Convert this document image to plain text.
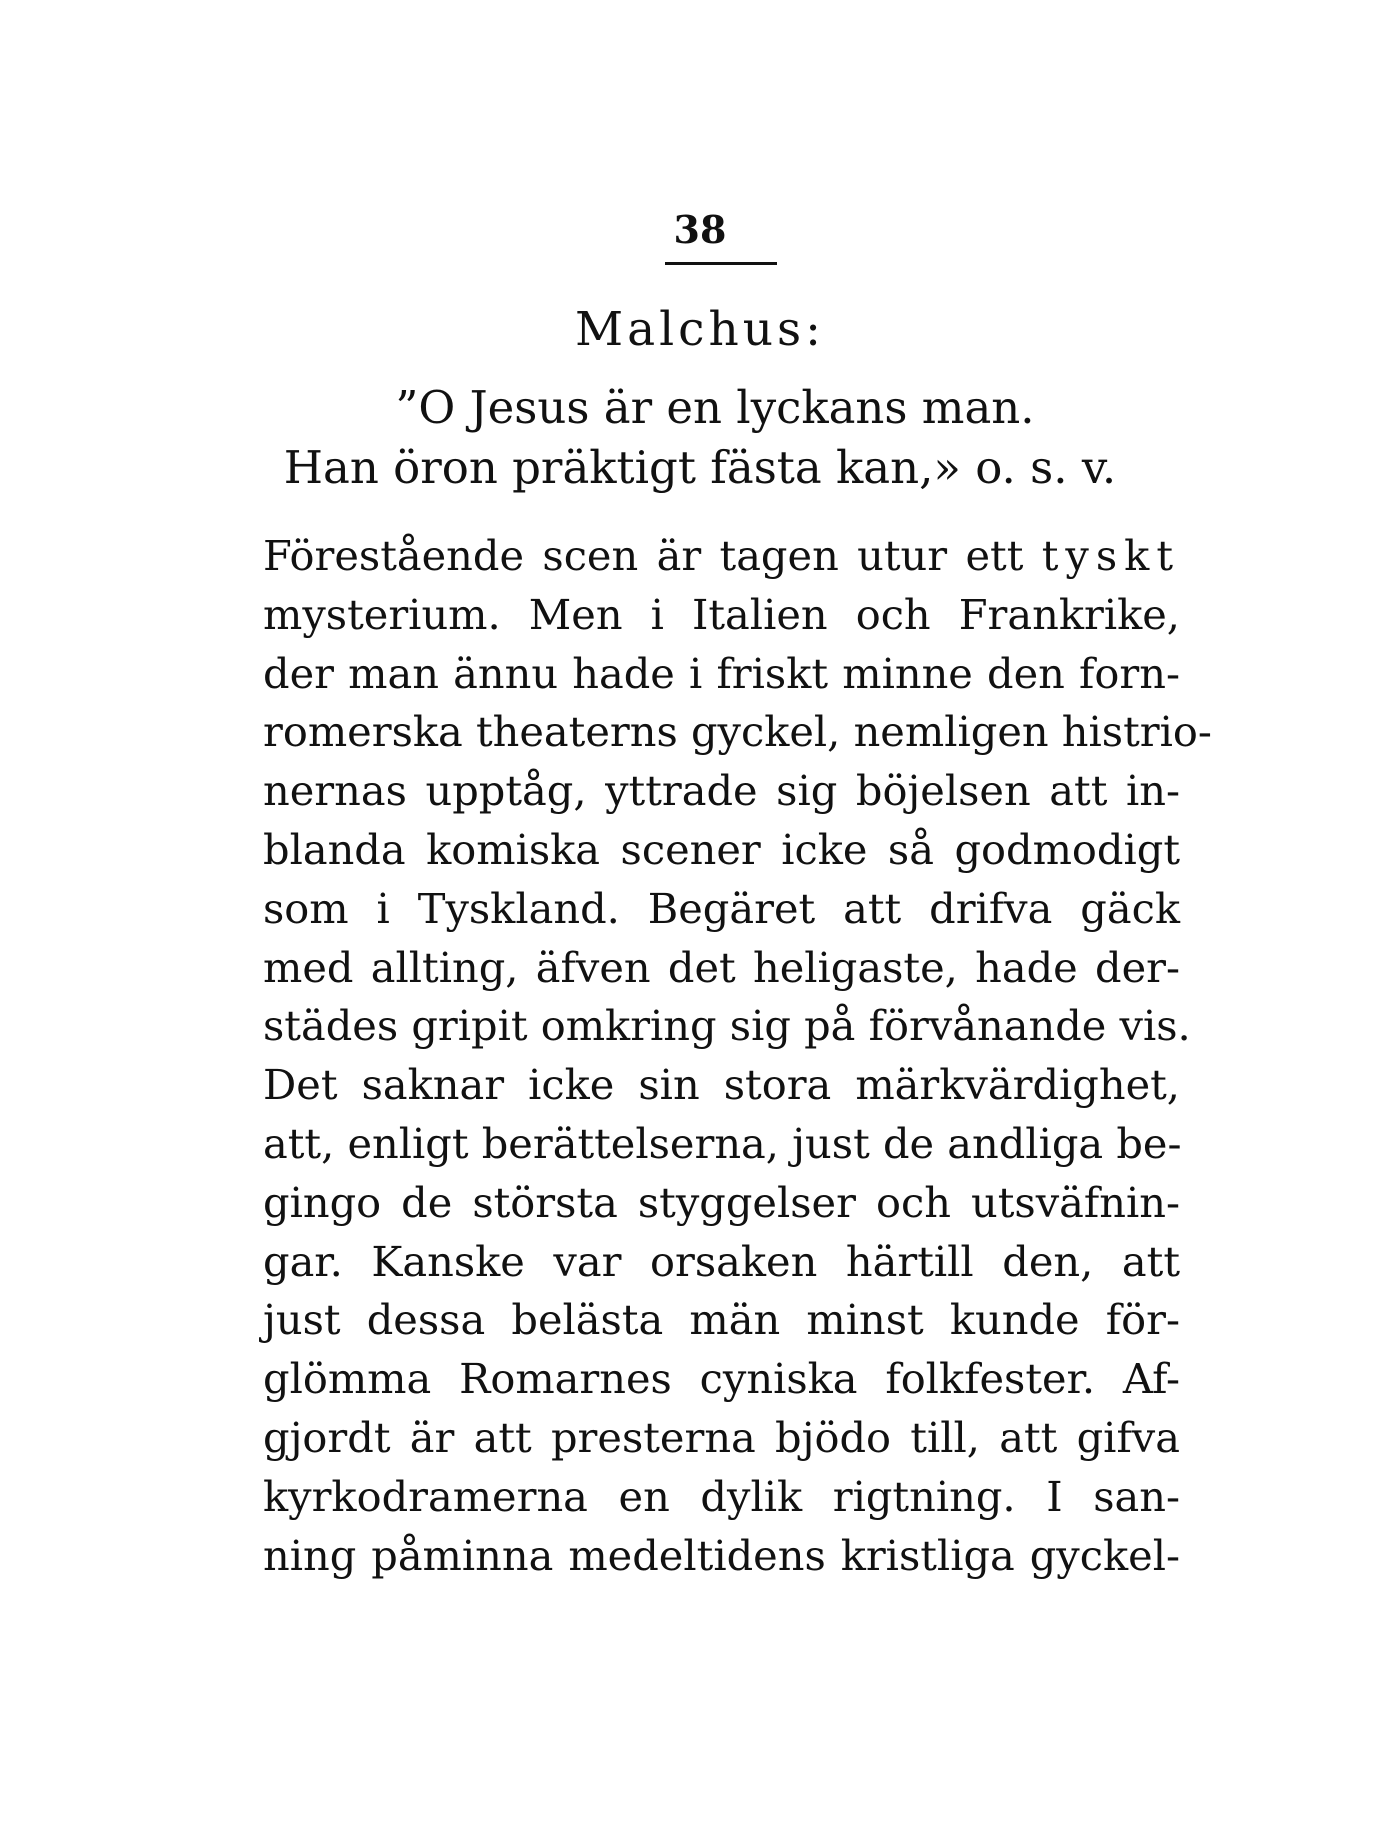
38
Malchus:
”O Jesus är en lyckans man.
Han öron präktigt fästa kan,» o. s. v.
Förestående scen är tagen utur ett tyskt
mysterium. Men i Italien och Frankrike,
der man ännu hade i friskt minne den forn-
romerska theaterns gyckel, nemligen histrio-
nernas upptåg, yttrade sig böjelsen att in-
blanda komiska scener icke så godmodigt
som i Tyskland. Begäret att drifva gäck
med allting, äfven det heligaste, hade der-
städes gripit omkring sig på förvånande vis.
Det saknar icke sin stora märkvärdighet,
att, enligt berättelserna, just de andliga be-
gingo de största styggelser och utsväfnin-
gar. Kanske var orsaken härtill den, att
just dessa belästa män minst kunde för-
glömma Romarnes cyniska folkfester. Af-
gjordt är att presterna bjödo till, att gifva
kyrkodramerna en dylik rigtning. I san-
ning påminna medeltidens kristliga gyckel-
